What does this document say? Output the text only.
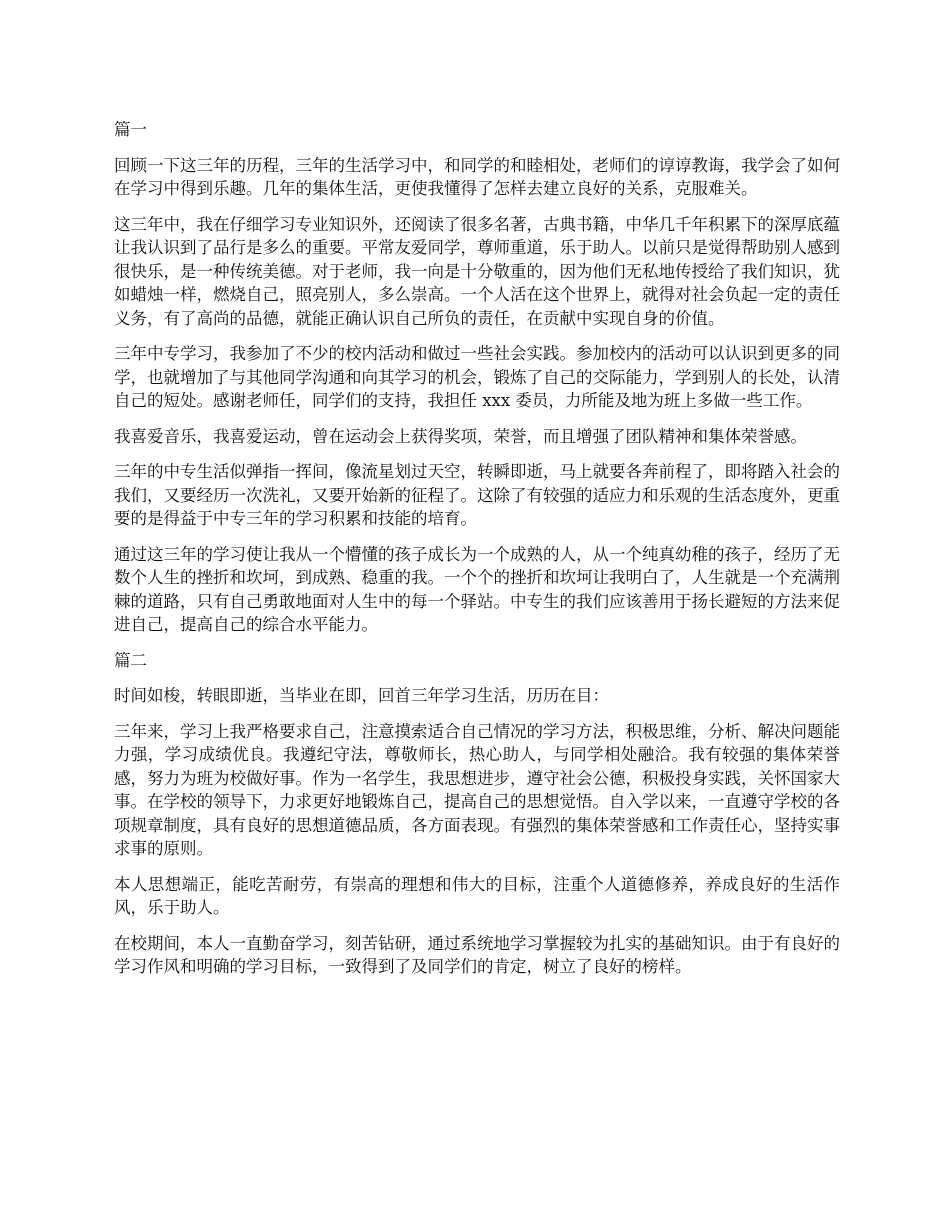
篇一

回顾一下这三年的历程，三年的生活学习中，和同学的和睦相处，老师们的谆谆教诲，我学会了如何在学习中得到乐趣。几年的集体生活，更使我懂得了怎样去建立良好的关系，克服难关。

这三年中，我在仔细学习专业知识外，还阅读了很多名著，古典书籍，中华几千年积累下的深厚底蕴让我认识到了品行是多么的重要。平常友爱同学，尊师重道，乐于助人。以前只是觉得帮助别人感到很快乐，是一种传统美德。对于老师，我一向是十分敬重的，因为他们无私地传授给了我们知识，犹如蜡烛一样，燃烧自己，照亮别人，多么崇高。一个人活在这个世界上，就得对社会负起一定的责任义务，有了高尚的品德，就能正确认识自己所负的责任，在贡献中实现自身的价值。

三年中专学习，我参加了不少的校内活动和做过一些社会实践。参加校内的活动可以认识到更多的同学，也就增加了与其他同学沟通和向其学习的机会，锻炼了自己的交际能力，学到别人的长处，认清自己的短处。感谢老师任，同学们的支持，我担任 xxx 委员，力所能及地为班上多做一些工作。

我喜爱音乐，我喜爱运动，曾在运动会上获得奖项，荣誉，而且增强了团队精神和集体荣誉感。

三年的中专生活似弹指一挥间，像流星划过天空，转瞬即逝，马上就要各奔前程了，即将踏入社会的我们，又要经历一次洗礼，又要开始新的征程了。这除了有较强的适应力和乐观的生活态度外，更重要的是得益于中专三年的学习积累和技能的培育。

通过这三年的学习使让我从一个懵懂的孩子成长为一个成熟的人，从一个纯真幼稚的孩子，经历了无数个人生的挫折和坎坷，到成熟、稳重的我。一个个的挫折和坎坷让我明白了，人生就是一个充满荆棘的道路，只有自己勇敢地面对人生中的每一个驿站。中专生的我们应该善用于扬长避短的方法来促进自己，提高自己的综合水平能力。

篇二

时间如梭，转眼即逝，当毕业在即，回首三年学习生活，历历在目：

三年来，学习上我严格要求自己，注意摸索适合自己情况的学习方法，积极思维，分析、解决问题能力强，学习成绩优良。我遵纪守法，尊敬师长，热心助人，与同学相处融洽。我有较强的集体荣誉感，努力为班为校做好事。作为一名学生，我思想进步，遵守社会公德，积极投身实践，关怀国家大事。在学校的领导下，力求更好地锻炼自己，提高自己的思想觉悟。自入学以来，一直遵守学校的各项规章制度，具有良好的思想道德品质，各方面表现。有强烈的集体荣誉感和工作责任心，坚持实事求事的原则。

本人思想端正，能吃苦耐劳，有崇高的理想和伟大的目标，注重个人道德修养，养成良好的生活作风，乐于助人。

在校期间，本人一直勤奋学习，刻苦钻研，通过系统地学习掌握较为扎实的基础知识。由于有良好的学习作风和明确的学习目标，一致得到了及同学们的肯定，树立了良好的榜样。
